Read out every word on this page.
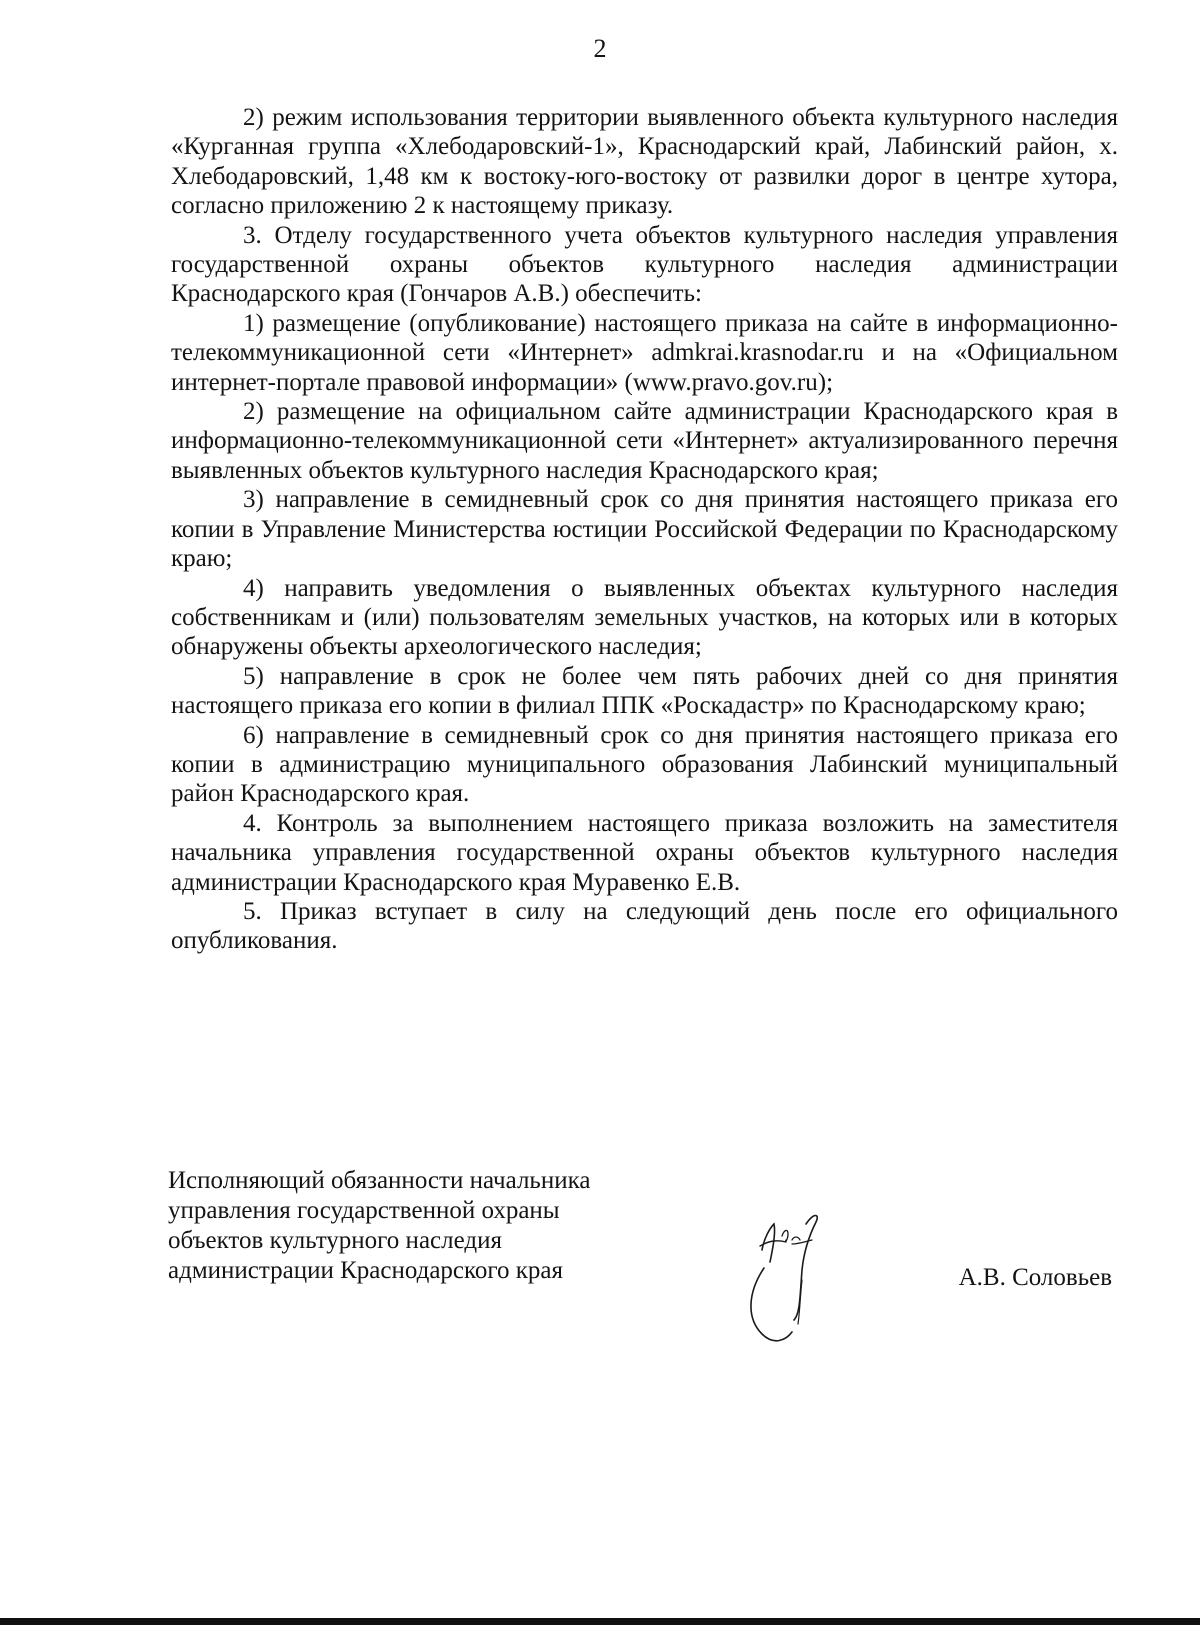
2

2) режим использования территории выявленного объекта культурного наследия «Курганная группа «Хлебодаровский-1», Краснодарский край, Лабинский район, х. Хлебодаровский, 1,48 км к востоку-юго-востоку от развилки дорог в центре хутора, согласно приложению 2 к настоящему приказу.

3. Отделу государственного учета объектов культурного наследия управления государственной охраны объектов культурного наследия администрации Краснодарского края (Гончаров А.В.) обеспечить:

1) размещение (опубликование) настоящего приказа на сайте в информационно-телекоммуникационной сети «Интернет» admkrai.krasnodar.ru и на «Официальном интернет-портале правовой информации» (www.pravo.gov.ru);

2) размещение на официальном сайте администрации Краснодарского края в информационно-телекоммуникационной сети «Интернет» актуализированного перечня выявленных объектов культурного наследия Краснодарского края;

3) направление в семидневный срок со дня принятия настоящего приказа его копии в Управление Министерства юстиции Российской Федерации по Краснодарскому краю;

4) направить уведомления о выявленных объектах культурного наследия собственникам и (или) пользователям земельных участков, на которых или в которых обнаружены объекты археологического наследия;

5) направление в срок не более чем пять рабочих дней со дня принятия настоящего приказа его копии в филиал ППК «Роскадастр» по Краснодарскому краю;

6) направление в семидневный срок со дня принятия настоящего приказа его копии в администрацию муниципального образования Лабинский муниципальный район Краснодарского края.

4. Контроль за выполнением настоящего приказа возложить на заместителя начальника управления государственной охраны объектов культурного наследия администрации Краснодарского края Муравенко Е.В.

5. Приказ вступает в силу на следующий день после его официального опубликования.

Исполняющий обязанности начальника
управления государственной охраны
объектов культурного наследия
администрации Краснодарского края	А.В. Соловьев
